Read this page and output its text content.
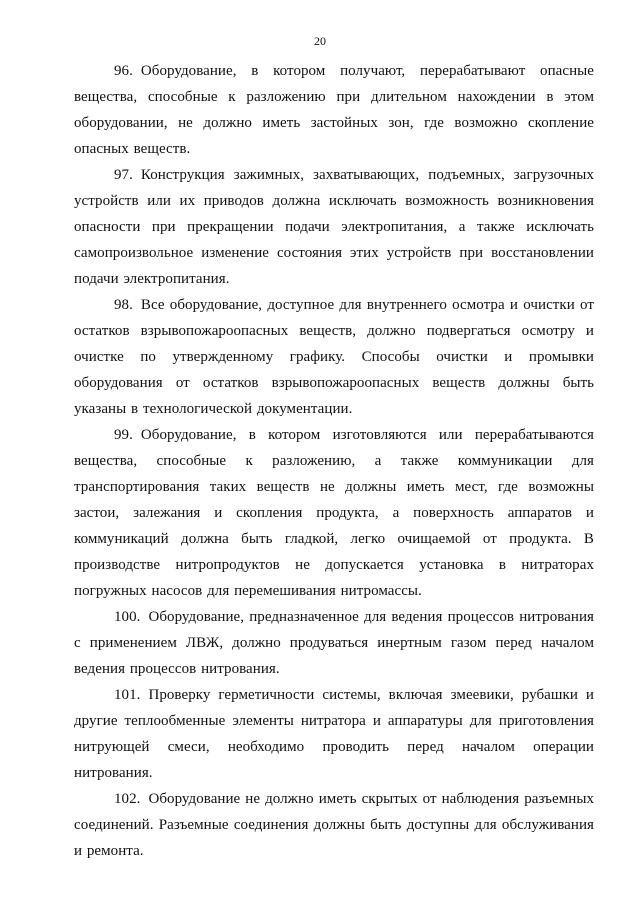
20

96. Оборудование, в котором получают, перерабатывают опасные вещества, способные к разложению при длительном нахождении в этом оборудовании, не должно иметь застойных зон, где возможно скопление опасных веществ.

97. Конструкция зажимных, захватывающих, подъемных, загрузочных устройств или их приводов должна исключать возможность возникновения опасности при прекращении подачи электропитания, а также исключать самопроизвольное изменение состояния этих устройств при восстановлении подачи электропитания.

98. Все оборудование, доступное для внутреннего осмотра и очистки от остатков взрывопожароопасных веществ, должно подвергаться осмотру и очистке по утвержденному графику. Способы очистки и промывки оборудования от остатков взрывопожароопасных веществ должны быть указаны в технологической документации.

99. Оборудование, в котором изготовляются или перерабатываются вещества, способные к разложению, а также коммуникации для транспортирования таких веществ не должны иметь мест, где возможны застои, залежания и скопления продукта, а поверхность аппаратов и коммуникаций должна быть гладкой, легко очищаемой от продукта. В производстве нитропродуктов не допускается установка в нитраторах погружных насосов для перемешивания нитромассы.

100. Оборудование, предназначенное для ведения процессов нитрования с применением ЛВЖ, должно продуваться инертным газом перед началом ведения процессов нитрования.

101. Проверку герметичности системы, включая змеевики, рубашки и другие теплообменные элементы нитратора и аппаратуры для приготовления нитрующей смеси, необходимо проводить перед началом операции нитрования.

102. Оборудование не должно иметь скрытых от наблюдения разъемных соединений. Разъемные соединения должны быть доступны для обслуживания и ремонта.
